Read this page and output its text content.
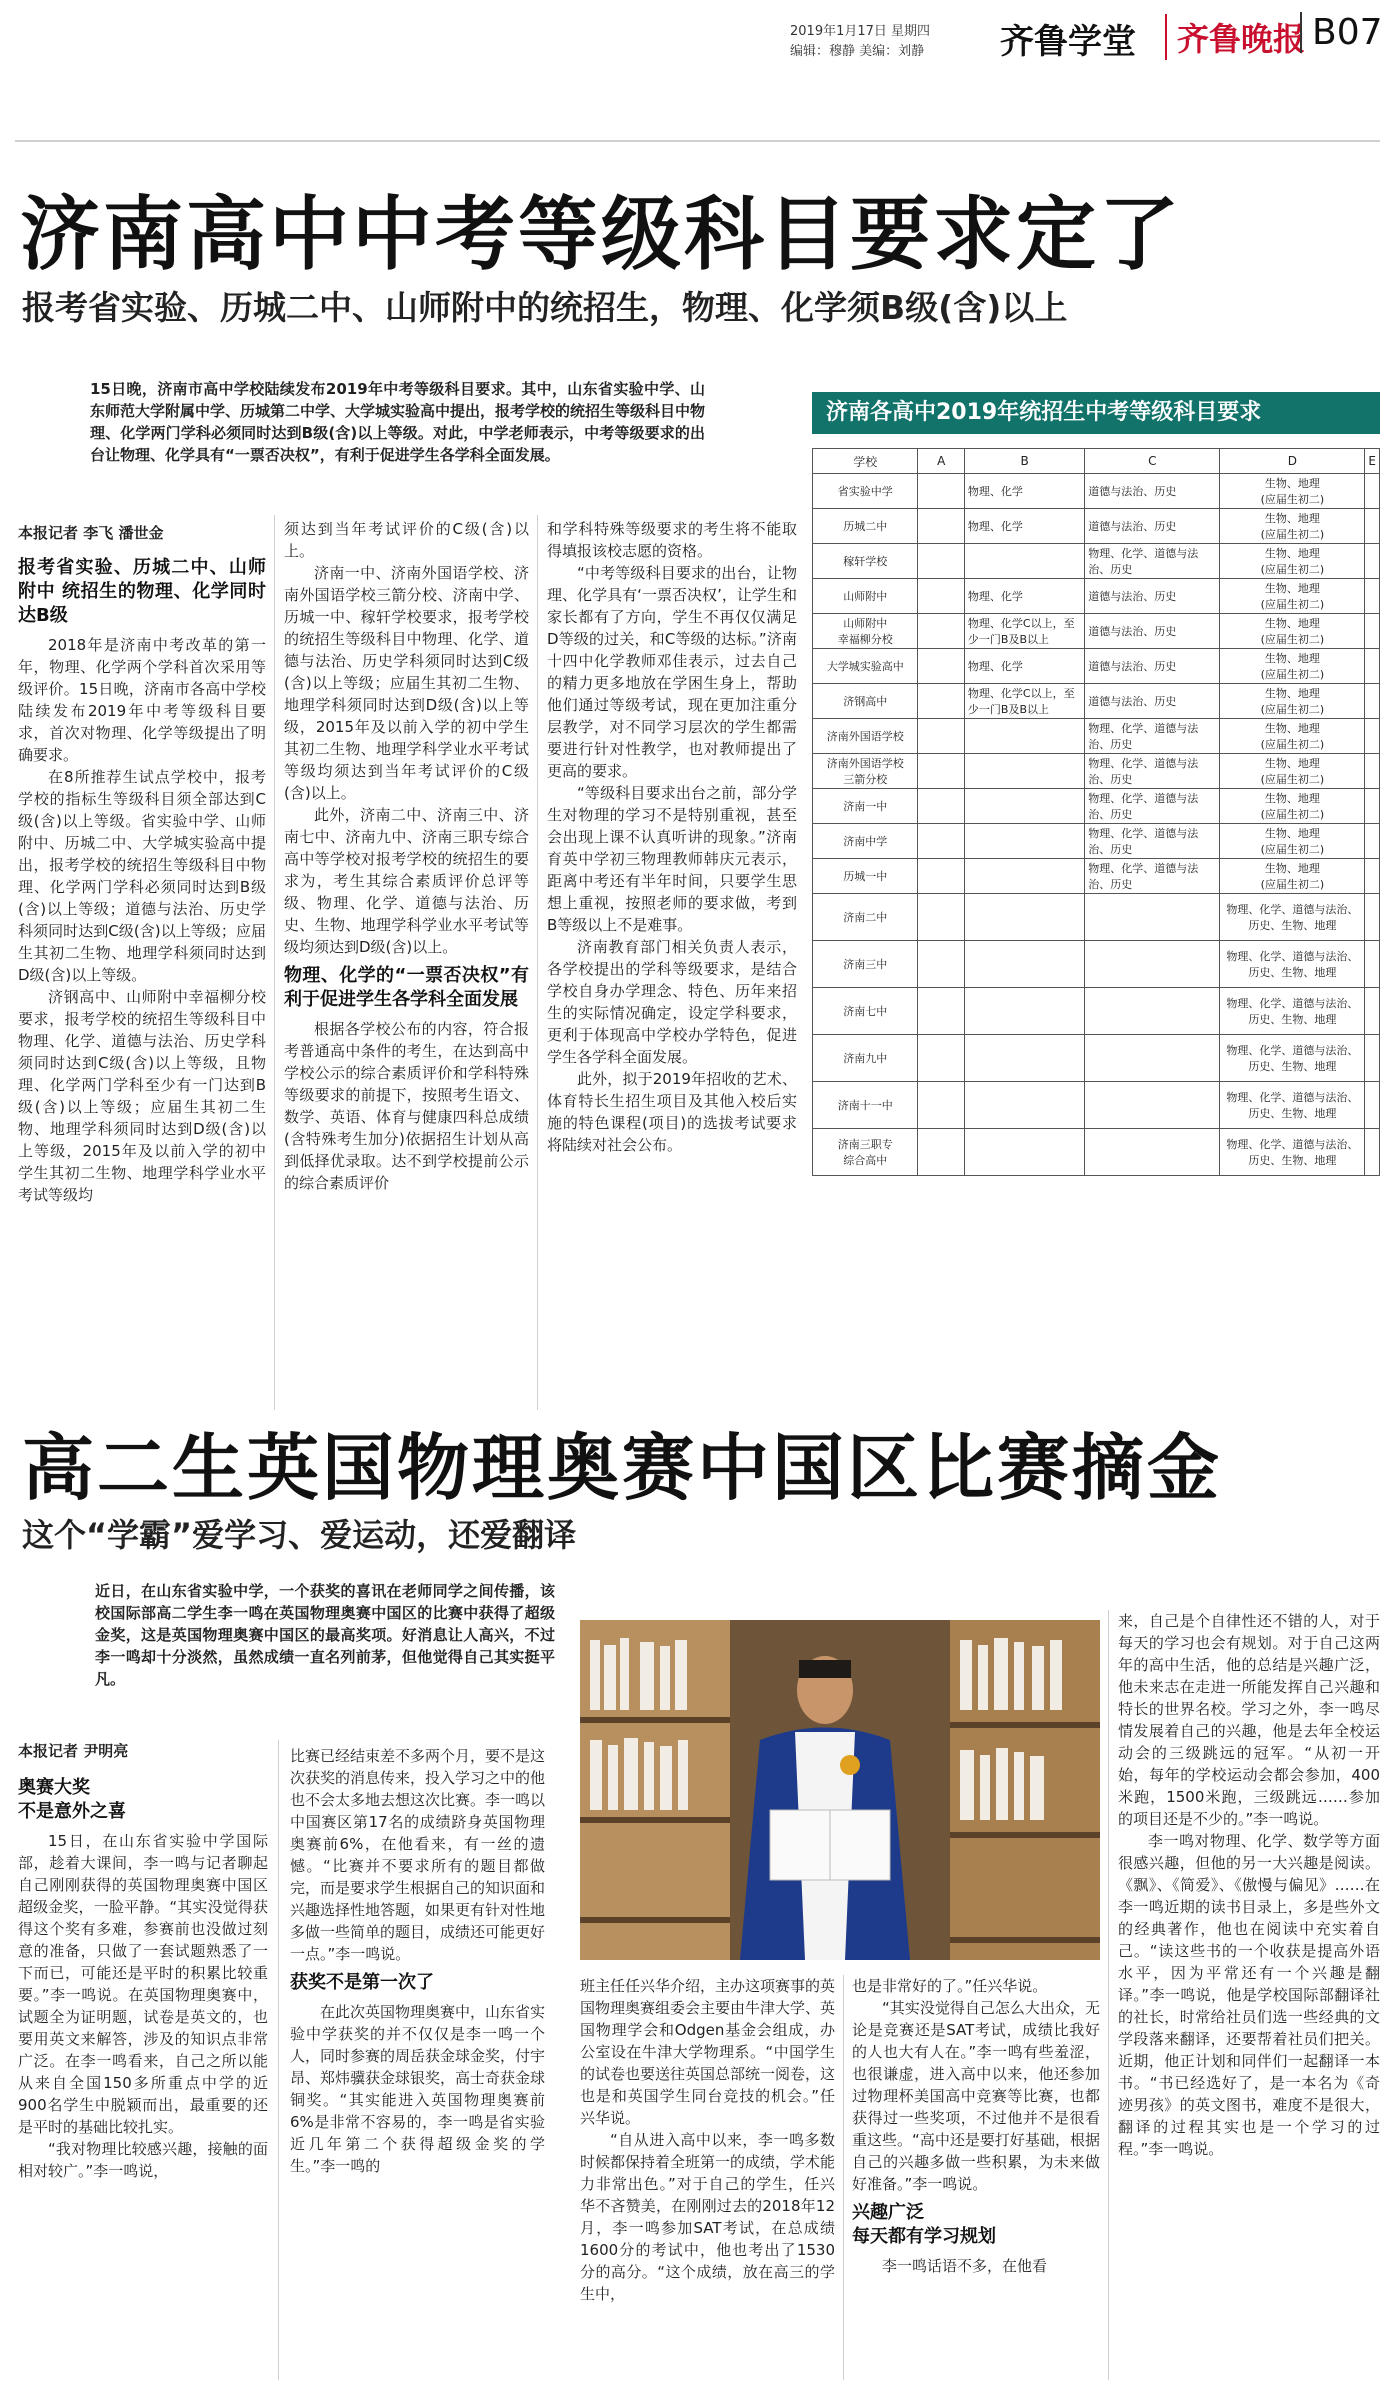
2019年1月17日 星期四
编辑：穆静 美编：刘静 齐鲁学堂	齐鲁晚报 B07
济南高中中考等级科目要求定了
报考省实验、历城二中、山师附中的统招生，物理、化学须B级(含)以上
15日晚，济南市高中学校陆续发布2019年中考等级科目要求。其中，山东省实验中学、山东师范大学附属中学、历城第二中学、大学城实验高中提出，报考学校的统招生等级科目中物理、化学两门学科必须同时达到B级(含)以上等级。对此，中学老师表示，中考等级要求的出台让物理、化学具有“一票否决权”，有利于促进学生各学科全面发展。
本报记者 李飞 潘世金
报考省实验、历城二中、山师附中 统招生的物理、化学同时达B级

2018年是济南中考改革的第一年，物理、化学两个学科首次采用等级评价。15日晚，济南市各高中学校陆续发布2019年中考等级科目要求，首次对物理、化学等级提出了明确要求。

在8所推荐生试点学校中，报考学校的指标生等级科目须全部达到C级(含)以上等级。省实验中学、山师附中、历城二中、大学城实验高中提出，报考学校的统招生等级科目中物理、化学两门学科必须同时达到B级(含)以上等级；道德与法治、历史学科须同时达到C级(含)以上等级；应届生其初二生物、地理学科须同时达到D级(含)以上等级。

济钢高中、山师附中幸福柳分校要求，报考学校的统招生等级科目中物理、化学、道德与法治、历史学科须同时达到C级(含)以上等级，且物理、化学两门学科至少有一门达到B级(含)以上等级；应届生其初二生物、地理学科须同时达到D级(含)以上等级，2015年及以前入学的初中学生其初二生物、地理学科学业水平考试等级均

须达到当年考试评价的C级(含)以上。

济南一中、济南外国语学校、济南外国语学校三箭分校、济南中学、历城一中、稼轩学校要求，报考学校的统招生等级科目中物理、化学、道德与法治、历史学科须同时达到C级(含)以上等级；应届生其初二生物、地理学科须同时达到D级(含)以上等级，2015年及以前入学的初中学生其初二生物、地理学科学业水平考试等级均须达到当年考试评价的C级(含)以上。

此外，济南二中、济南三中、济南七中、济南九中、济南三职专综合高中等学校对报考学校的统招生的要求为，考生其综合素质评价总评等级、物理、化学、道德与法治、历史、生物、地理学科学业水平考试等级均须达到D级(含)以上。

物理、化学的“一票否决权”有利于促进学生各学科全面发展

根据各学校公布的内容，符合报考普通高中条件的考生，在达到高中学校公示的综合素质评价和学科特殊等级要求的前提下，按照考生语文、数学、英语、体育与健康四科总成绩(含特殊考生加分)依据招生计划从高到低择优录取。达不到学校提前公示的综合素质评价

和学科特殊等级要求的考生将不能取得填报该校志愿的资格。

“中考等级科目要求的出台，让物理、化学具有‘一票否决权’，让学生和家长都有了方向，学生不再仅仅满足D等级的过关，和C等级的达标。”济南十四中化学教师邓佳表示，过去自己的精力更多地放在学困生身上，帮助他们通过等级考试，现在更加注重分层教学，对不同学习层次的学生都需要进行针对性教学，也对教师提出了更高的要求。

“等级科目要求出台之前，部分学生对物理的学习不是特别重视，甚至会出现上课不认真听讲的现象。”济南育英中学初三物理教师韩庆元表示，距离中考还有半年时间，只要学生思想上重视，按照老师的要求做，考到B等级以上不是难事。

济南教育部门相关负责人表示，各学校提出的学科等级要求，是结合学校自身办学理念、特色、历年来招生的实际情况确定，设定学科要求，更利于体现高中学校办学特色，促进学生各学科全面发展。

此外，拟于2019年招收的艺术、体育特长生招生项目及其他入校后实施的特色课程(项目)的选拔考试要求将陆续对社会公布。

济南各高中2019年统招生中考等级科目要求
学校	A	B	C	D	E
省实验中学		物理、化学	道德与法治、历史	生物、地理
(应届生初二)	
历城二中		物理、化学	道德与法治、历史	生物、地理
(应届生初二)	
稼轩学校			物理、化学、道德与法治、历史	生物、地理
(应届生初二)	
山师附中		物理、化学	道德与法治、历史	生物、地理
(应届生初二)	
山师附中
幸福柳分校		物理、化学C以上，至少一门B及B以上	道德与法治、历史	生物、地理
(应届生初二)	
大学城实验高中		物理、化学	道德与法治、历史	生物、地理
(应届生初二)	
济钢高中		物理、化学C以上，至少一门B及B以上	道德与法治、历史	生物、地理
(应届生初二)	
济南外国语学校			物理、化学、道德与法治、历史	生物、地理
(应届生初二)	
济南外国语学校
三箭分校			物理、化学、道德与法治、历史	生物、地理
(应届生初二)	
济南一中			物理、化学、道德与法治、历史	生物、地理
(应届生初二)	
济南中学			物理、化学、道德与法治、历史	生物、地理
(应届生初二)	
历城一中			物理、化学、道德与法治、历史	生物、地理
(应届生初二)	
济南二中				物理、化学、道德与法治、历史、生物、地理	
济南三中				物理、化学、道德与法治、历史、生物、地理	
济南七中				物理、化学、道德与法治、历史、生物、地理	
济南九中				物理、化学、道德与法治、历史、生物、地理	
济南十一中				物理、化学、道德与法治、历史、生物、地理	
济南三职专
综合高中				物理、化学、道德与法治、历史、生物、地理	
高二生英国物理奥赛中国区比赛摘金
这个“学霸”爱学习、爱运动，还爱翻译
近日，在山东省实验中学，一个获奖的喜讯在老师同学之间传播，该校国际部高二学生李一鸣在英国物理奥赛中国区的比赛中获得了超级金奖，这是英国物理奥赛中国区的最高奖项。好消息让人高兴，不过李一鸣却十分淡然，虽然成绩一直名列前茅，但他觉得自己其实挺平凡。
本报记者 尹明亮
奥赛大奖
不是意外之喜

15日，在山东省实验中学国际部，趁着大课间，李一鸣与记者聊起自己刚刚获得的英国物理奥赛中国区超级金奖，一脸平静。“其实没觉得获得这个奖有多难，参赛前也没做过刻意的准备，只做了一套试题熟悉了一下而已，可能还是平时的积累比较重要。”李一鸣说。在英国物理奥赛中，试题全为证明题，试卷是英文的，也要用英文来解答，涉及的知识点非常广泛。在李一鸣看来，自己之所以能从来自全国150多所重点中学的近900名学生中脱颖而出，最重要的还是平时的基础比较扎实。

“我对物理比较感兴趣，接触的面相对较广。”李一鸣说，

比赛已经结束差不多两个月，要不是这次获奖的消息传来，投入学习之中的他也不会太多地去想这次比赛。李一鸣以中国赛区第17名的成绩跻身英国物理奥赛前6%，在他看来，有一丝的遗憾。“比赛并不要求所有的题目都做完，而是要求学生根据自己的知识面和兴趣选择性地答题，如果更有针对性地多做一些简单的题目，成绩还可能更好一点。”李一鸣说。

获奖不是第一次了

在此次英国物理奥赛中，山东省实验中学获奖的并不仅仅是李一鸣一个人，同时参赛的周岳获金球金奖，付宇昂、郑炜骥获金球银奖，高士奇获金球铜奖。“其实能进入英国物理奥赛前6%是非常不容易的，李一鸣是省实验近几年第二个获得超级金奖的学生。”李一鸣的

班主任任兴华介绍，主办这项赛事的英国物理奥赛组委会主要由牛津大学、英国物理学会和Odgen基金会组成，办公室设在牛津大学物理系。“中国学生的试卷也要送往英国总部统一阅卷，这也是和英国学生同台竞技的机会。”任兴华说。

“自从进入高中以来，李一鸣多数时候都保持着全班第一的成绩，学术能力非常出色。”对于自己的学生，任兴华不吝赞美，在刚刚过去的2018年12月，李一鸣参加SAT考试，在总成绩1600分的考试中，他也考出了1530分的高分。“这个成绩，放在高三的学生中，

也是非常好的了。”任兴华说。

“其实没觉得自己怎么大出众，无论是竞赛还是SAT考试，成绩比我好的人也大有人在。”李一鸣有些羞涩，也很谦虚，进入高中以来，他还参加过物理杯美国高中竞赛等比赛，也都获得过一些奖项，不过他并不是很看重这些。“高中还是要打好基础，根据自己的兴趣多做一些积累，为未来做好准备。”李一鸣说。

兴趣广泛
每天都有学习规划

李一鸣话语不多，在他看

来，自己是个自律性还不错的人，对于每天的学习也会有规划。对于自己这两年的高中生活，他的总结是兴趣广泛，他未来志在走进一所能发挥自己兴趣和特长的世界名校。学习之外，李一鸣尽情发展着自己的兴趣，他是去年全校运动会的三级跳远的冠军。“从初一开始，每年的学校运动会都会参加，400米跑，1500米跑，三级跳远……参加的项目还是不少的。”李一鸣说。

李一鸣对物理、化学、数学等方面很感兴趣，但他的另一大兴趣是阅读。《飘》、《简爱》、《傲慢与偏见》……在李一鸣近期的读书目录上，多是些外文的经典著作，他也在阅读中充实着自己。“读这些书的一个收获是提高外语水平，因为平常还有一个兴趣是翻译。”李一鸣说，他是学校国际部翻译社的社长，时常给社员们选一些经典的文学段落来翻译，还要帮着社员们把关。近期，他正计划和同伴们一起翻译一本书。“书已经选好了，是一本名为《奇迹男孩》的英文图书，难度不是很大，翻译的过程其实也是一个学习的过程。”李一鸣说。
